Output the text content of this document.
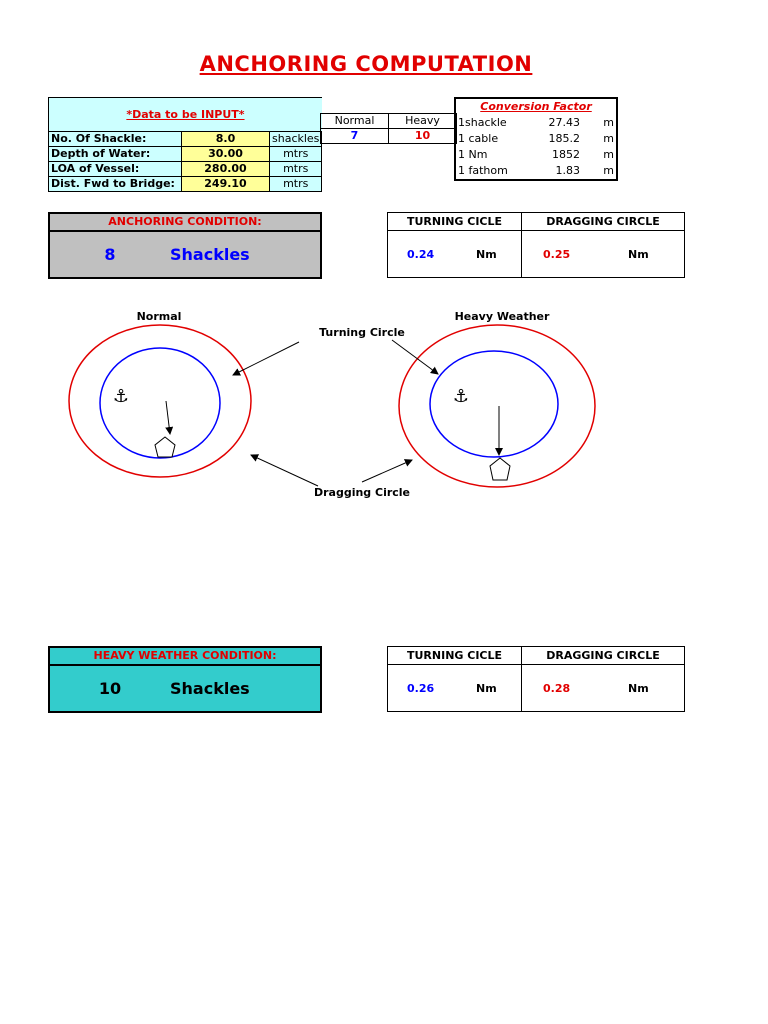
ANCHORING COMPUTATION
*Data to be INPUT*		
No. Of Shackle:	8.0	shackles
Depth of Water:	30.00	mtrs
LOA of Vessel:	280.00	mtrs
Dist. Fwd to Bridge:	249.10	mtrs
Normal	Heavy
7	10
Conversion Factor		
1shackle	27.43	m
1 cable	185.2	m
1 Nm	1852	m
1 fathom	1.83	m
ANCHORING CONDITION:
8	Shackles
TURNING CICLE	DRAGGING CIRCLE
0.24	Nm	0.25	Nm
Normal	Heavy Weather
Turning Circle
Dragging Circle
⚓	⚓
HEAVY WEATHER CONDITION:
10	Shackles
TURNING CICLE	DRAGGING CIRCLE
0.26	Nm	0.28	Nm
